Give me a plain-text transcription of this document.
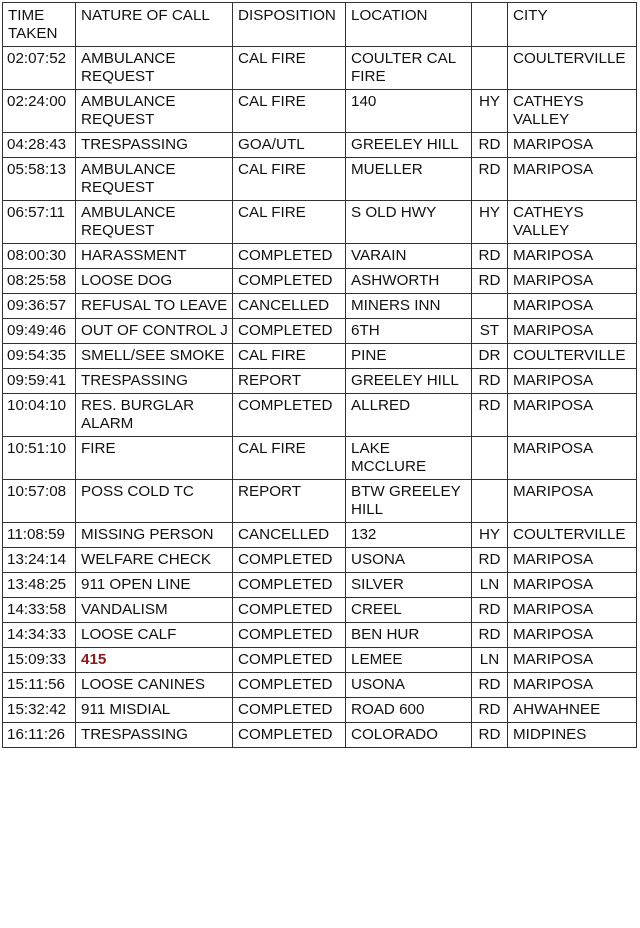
TIME TAKEN	NATURE OF CALL	DISPOSITION	LOCATION		CITY
02:07:52	AMBULANCE REQUEST	CAL FIRE	COULTER CAL FIRE		COULTERVILLE
02:24:00	AMBULANCE REQUEST	CAL FIRE	140	HY	CATHEYS VALLEY
04:28:43	TRESPASSING	GOA/UTL	GREELEY HILL	RD	MARIPOSA
05:58:13	AMBULANCE REQUEST	CAL FIRE	MUELLER	RD	MARIPOSA
06:57:11	AMBULANCE REQUEST	CAL FIRE	S OLD HWY	HY	CATHEYS VALLEY
08:00:30	HARASSMENT	COMPLETED	VARAIN	RD	MARIPOSA
08:25:58	LOOSE DOG	COMPLETED	ASHWORTH	RD	MARIPOSA
09:36:57	REFUSAL TO LEAVE	CANCELLED	MINERS INN		MARIPOSA
09:49:46	OUT OF CONTROL J	COMPLETED	6TH	ST	MARIPOSA
09:54:35	SMELL/SEE SMOKE	CAL FIRE	PINE	DR	COULTERVILLE
09:59:41	TRESPASSING	REPORT	GREELEY HILL	RD	MARIPOSA
10:04:10	RES. BURGLAR ALARM	COMPLETED	ALLRED	RD	MARIPOSA
10:51:10	FIRE	CAL FIRE	LAKE MCCLURE		MARIPOSA
10:57:08	POSS COLD TC	REPORT	BTW GREELEY HILL		MARIPOSA
11:08:59	MISSING PERSON	CANCELLED	132	HY	COULTERVILLE
13:24:14	WELFARE CHECK	COMPLETED	USONA	RD	MARIPOSA
13:48:25	911 OPEN LINE	COMPLETED	SILVER	LN	MARIPOSA
14:33:58	VANDALISM	COMPLETED	CREEL	RD	MARIPOSA
14:34:33	LOOSE CALF	COMPLETED	BEN HUR	RD	MARIPOSA
15:09:33	415	COMPLETED	LEMEE	LN	MARIPOSA
15:11:56	LOOSE CANINES	COMPLETED	USONA	RD	MARIPOSA
15:32:42	911 MISDIAL	COMPLETED	ROAD 600	RD	AHWAHNEE
16:11:26	TRESPASSING	COMPLETED	COLORADO	RD	MIDPINES
